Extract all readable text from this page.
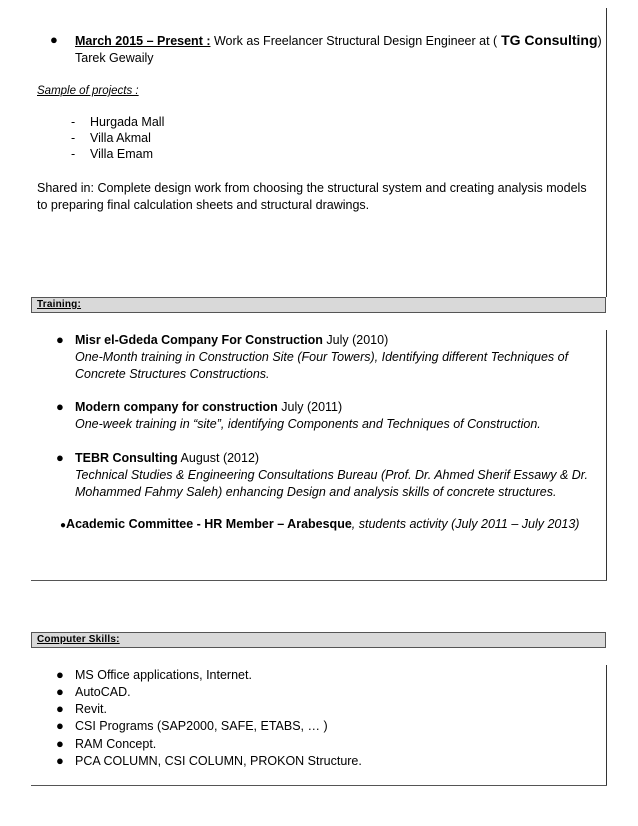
● March 2015 – Present : Work as Freelancer Structural Design Engineer at ( TG Consulting)
Tarek Gewaily
Sample of projects :
- Hurgada Mall
- Villa Akmal
- Villa Emam
Shared in: Complete design work from choosing the structural system and creating analysis models
to preparing final calculation sheets and structural drawings.
Training:
● Misr el-Gdeda Company For Construction July (2010)
One-Month training in Construction Site (Four Towers), Identifying different Techniques of
Concrete Structures Constructions.
● Modern company for construction July (2011)
One-week training in “site”, identifying Components and Techniques of Construction.
● TEBR Consulting August (2012)
Technical Studies & Engineering Consultations Bureau (Prof. Dr. Ahmed Sherif Essawy & Dr.
Mohammed Fahmy Saleh) enhancing Design and analysis skills of concrete structures.
●Academic Committee - HR Member – Arabesque, students activity (July 2011 – July 2013)
Computer Skills:
● MS Office applications, Internet.
● AutoCAD.
● Revit.
● CSI Programs (SAP2000, SAFE, ETABS, … )
● RAM Concept.
● PCA COLUMN, CSI COLUMN, PROKON Structure.
